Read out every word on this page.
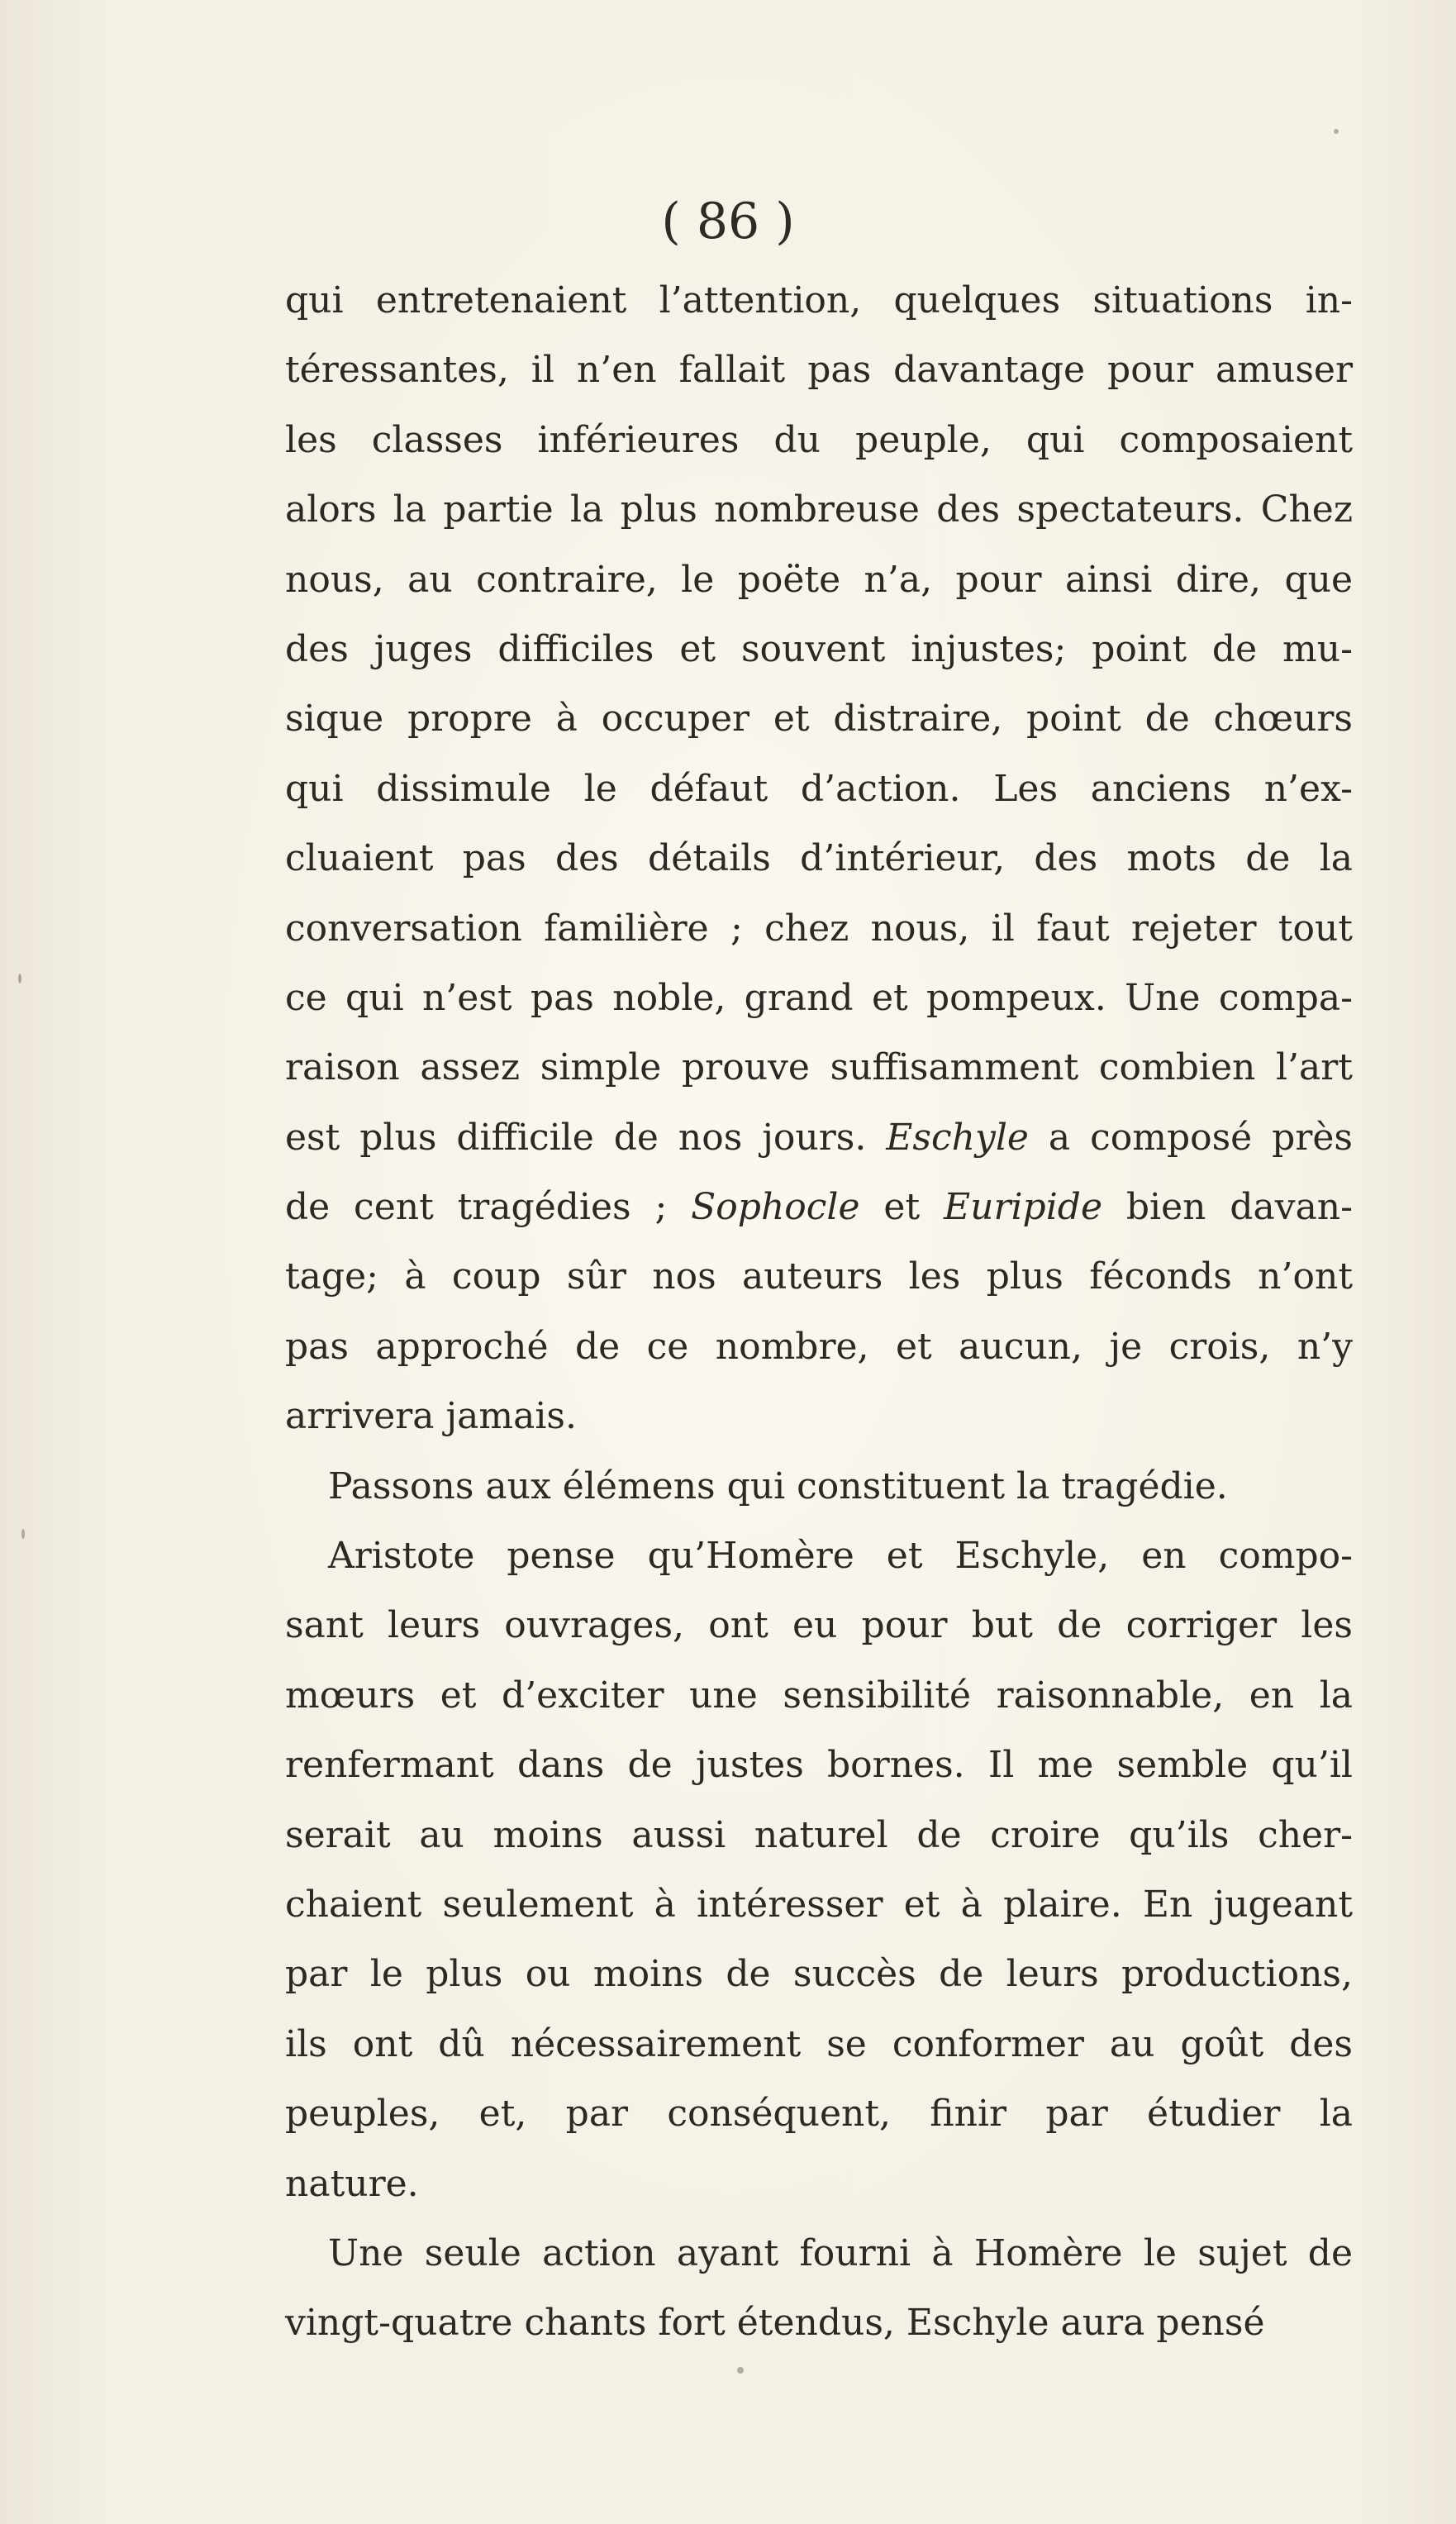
( 86 )
qui entretenaient l’attention, quelques situations in-
téressantes, il n’en fallait pas davantage pour amuser
les classes inférieures du peuple, qui composaient
alors la partie la plus nombreuse des spectateurs. Chez
nous, au contraire, le poëte n’a, pour ainsi dire, que
des juges difficiles et souvent injustes; point de mu-
sique propre à occuper et distraire, point de chœurs
qui dissimule le défaut d’action. Les anciens n’ex-
cluaient pas des détails d’intérieur, des mots de la
conversation familière ; chez nous, il faut rejeter tout
ce qui n’est pas noble, grand et pompeux. Une compa-
raison assez simple prouve suffisamment combien l’art
est plus difficile de nos jours. Eschyle a composé près
de cent tragédies ; Sophocle et Euripide bien davan-
tage; à coup sûr nos auteurs les plus féconds n’ont
pas approché de ce nombre, et aucun, je crois, n’y
arrivera jamais.
Passons aux élémens qui constituent la tragédie.
Aristote pense qu’Homère et Eschyle, en compo-
sant leurs ouvrages, ont eu pour but de corriger les
mœurs et d’exciter une sensibilité raisonnable, en la
renfermant dans de justes bornes. Il me semble qu’il
serait au moins aussi naturel de croire qu’ils cher-
chaient seulement à intéresser et à plaire. En jugeant
par le plus ou moins de succès de leurs productions,
ils ont dû nécessairement se conformer au goût des
peuples, et, par conséquent, finir par étudier la
nature.
Une seule action ayant fourni à Homère le sujet de
vingt-quatre chants fort étendus, Eschyle aura pensé
